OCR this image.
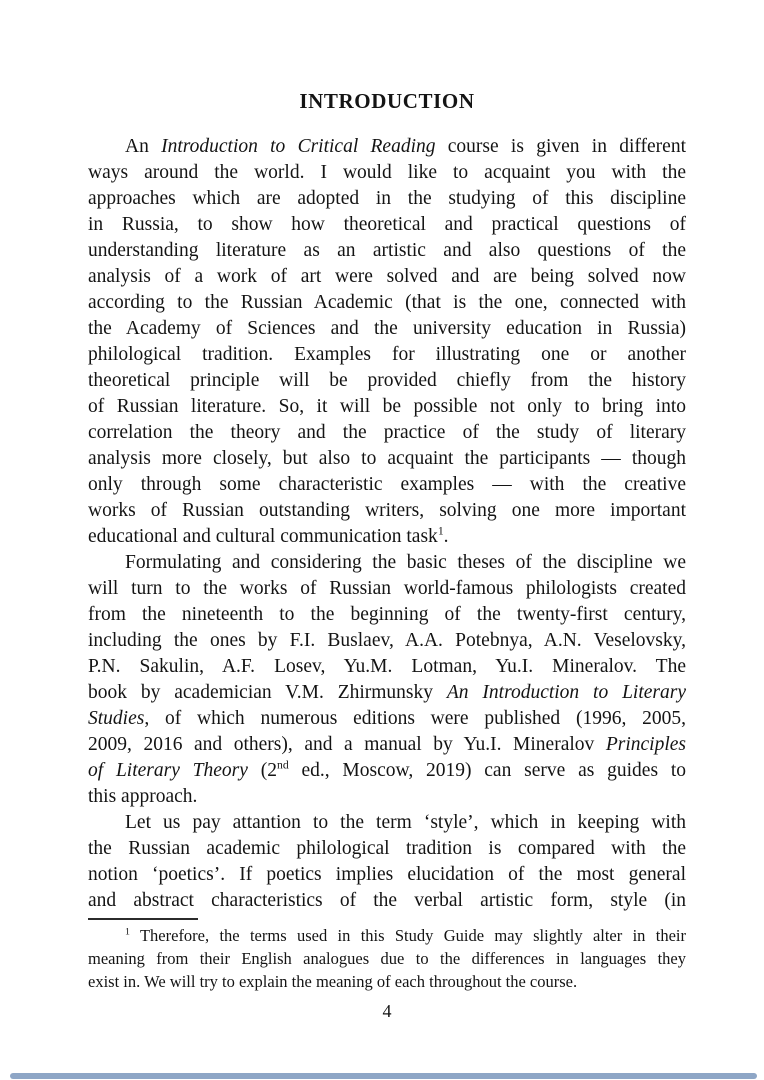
INTRODUCTION
An Introduction to Critical Reading course is given in different
ways around the world. I would like to acquaint you with the
approaches which are adopted in the studying of this discipline
in Russia, to show how theoretical and practical questions of
understanding literature as an artistic and also questions of the
analysis of a work of art were solved and are being solved now
according to the Russian Academic (that is the one, connected with
the Academy of Sciences and the university education in Russia)
philological tradition. Examples for illustrating one or another
theoretical principle will be provided chiefly from the history
of Russian literature. So, it will be possible not only to bring into
correlation the theory and the practice of the study of literary
analysis more closely, but also to acquaint the participants — though
only through some characteristic examples — with the creative
works of Russian outstanding writers, solving one more important
educational and cultural communication task$^1$.
Formulating and considering the basic theses of the discipline we
will turn to the works of Russian world-famous philologists created
from the nineteenth to the beginning of the twenty-first century,
including the ones by F.I. Buslaev, A.A. Potebnya, A.N. Veselovsky,
P.N. Sakulin, A.F. Losev, Yu.M. Lotman, Yu.I. Mineralov. The
book by academician V.M. Zhirmunsky An Introduction to Literary
Studies, of which numerous editions were published (1996, 2005,
2009, 2016 and others), and a manual by Yu.I. Mineralov Principles
of Literary Theory (2nd ed., Moscow, 2019) can serve as guides to
this approach.
Let us pay attantion to the term ‘style’, which in keeping with
the Russian academic philological tradition is compared with the
notion ‘poetics’. If poetics implies elucidation of the most general
and abstract characteristics of the verbal artistic form, style (in
$^1$ Therefore, the terms used in this Study Guide may slightly alter in their
meaning from their English analogues due to the differences in languages they
exist in. We will try to explain the meaning of each throughout the course.
4
